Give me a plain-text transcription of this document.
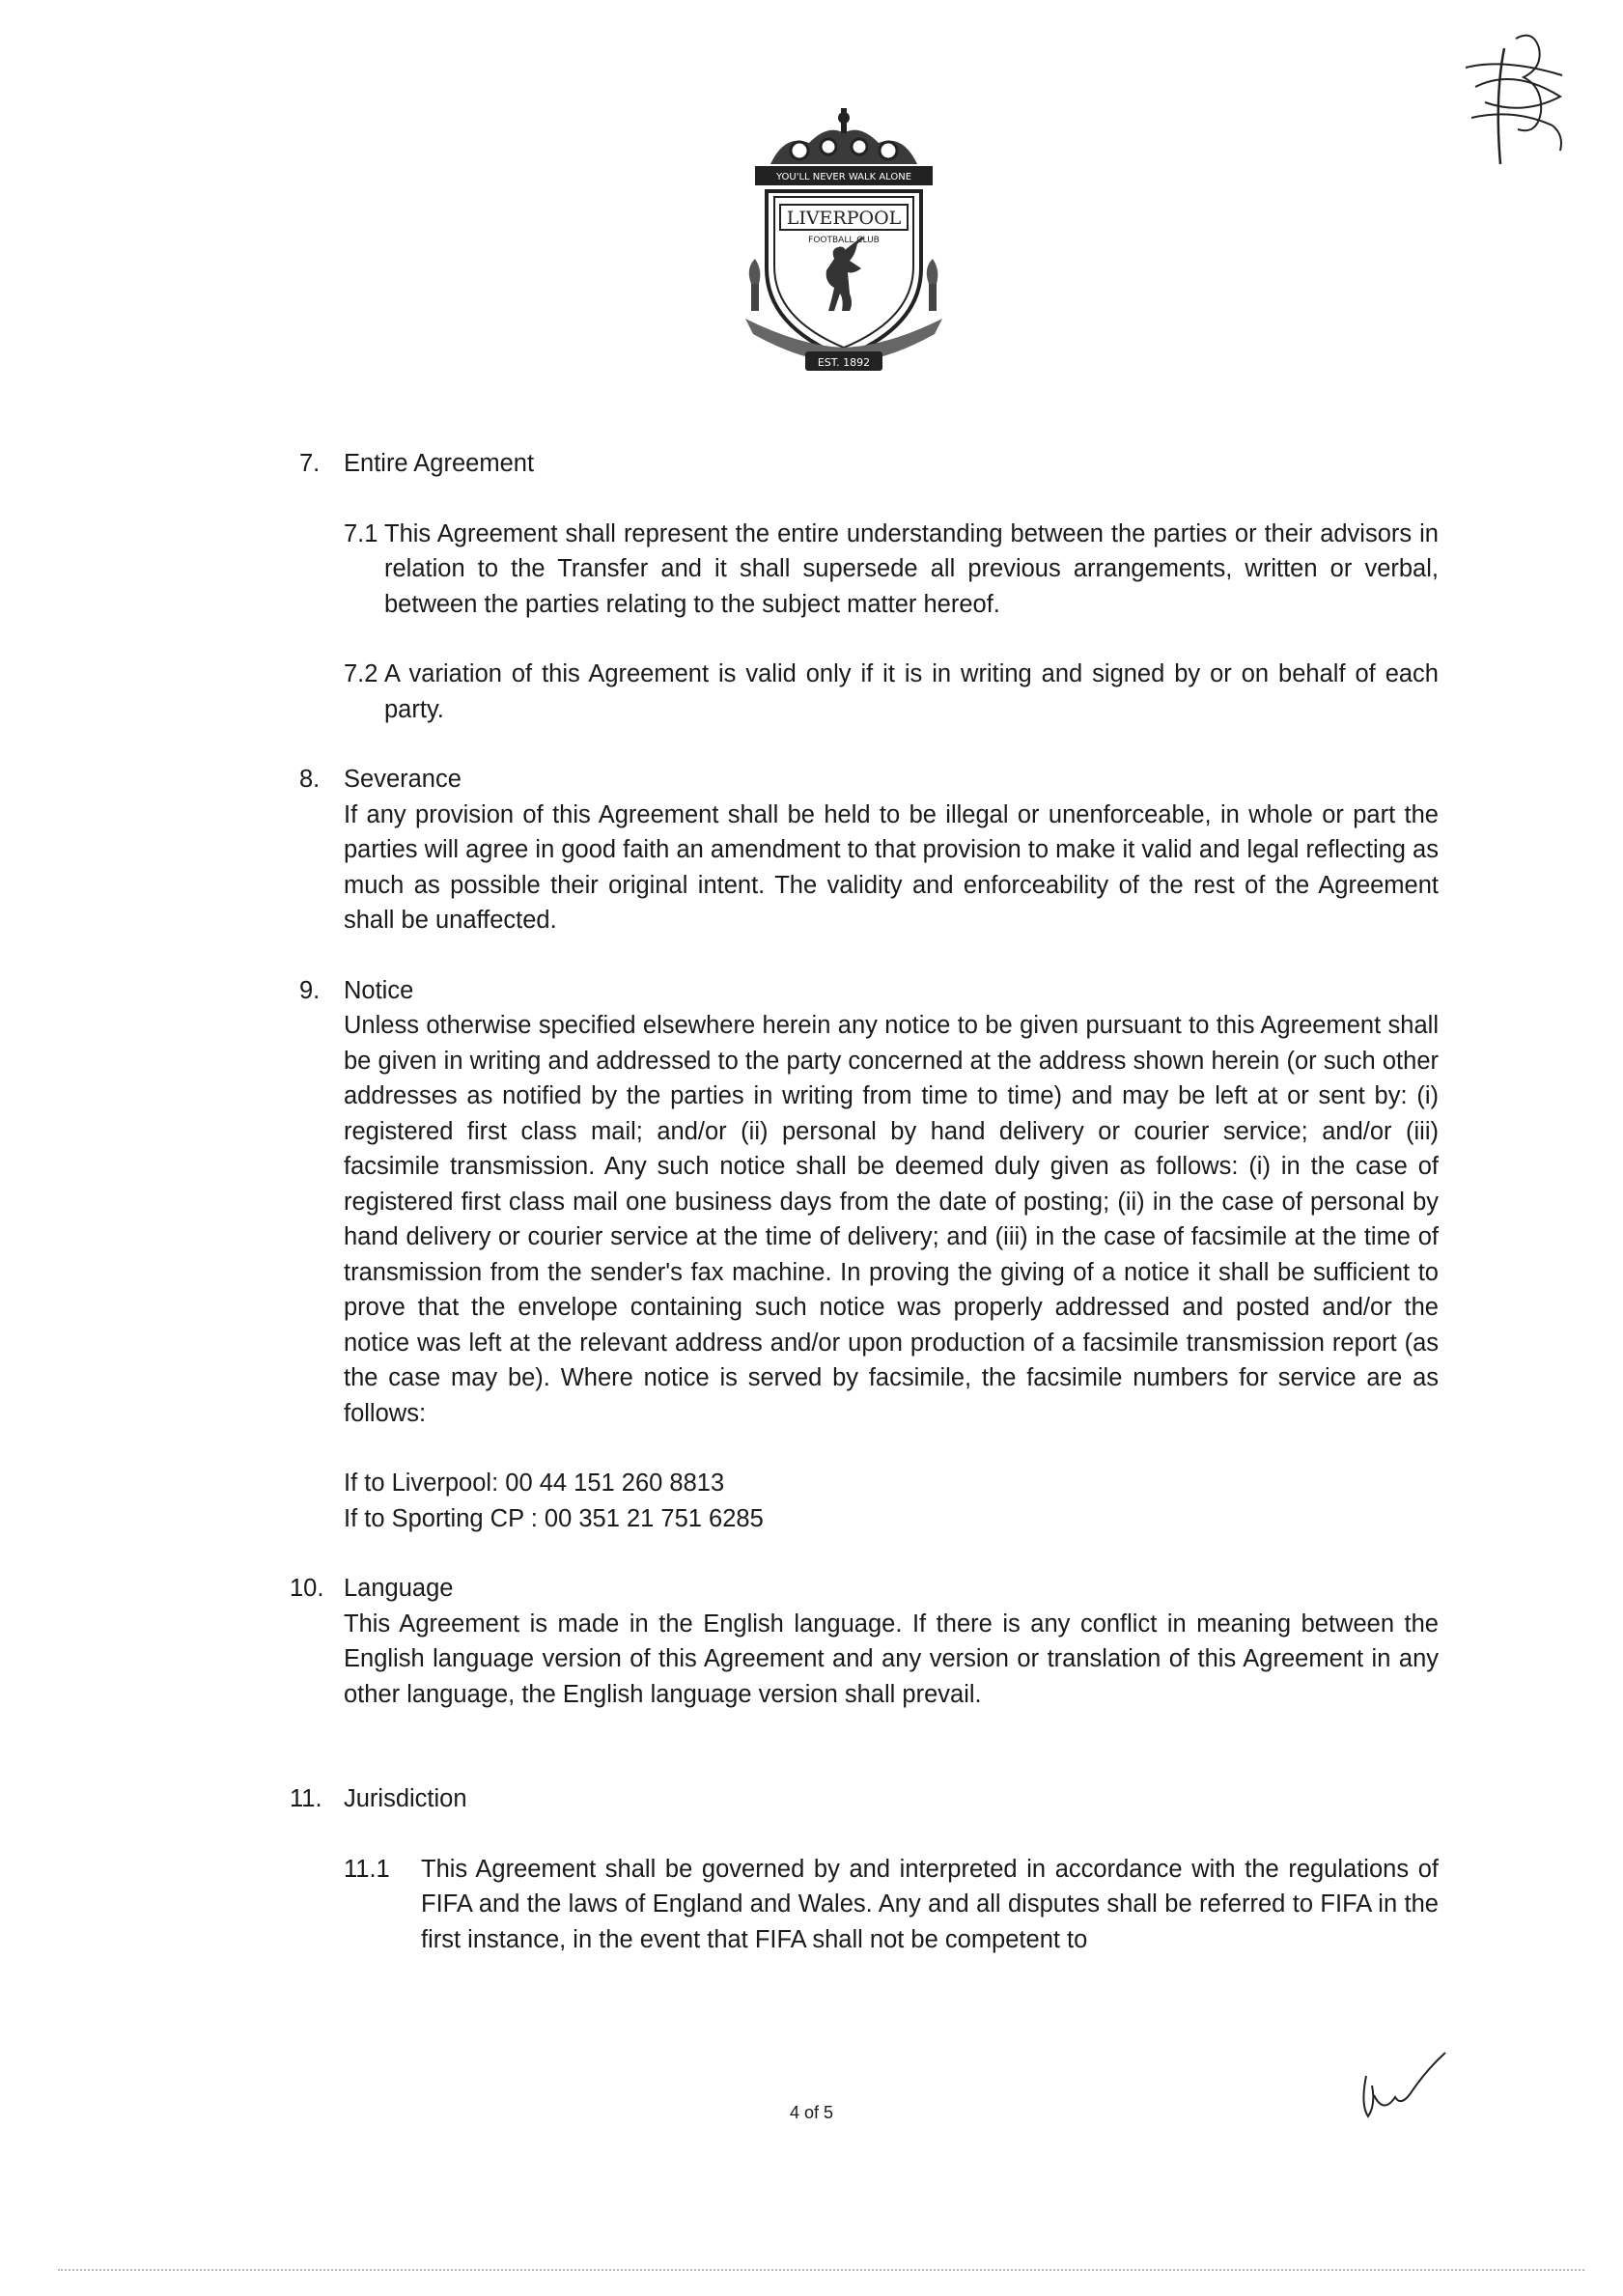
YOU'LL NEVER WALK ALONE
LIVERPOOL
FOOTBALL CLUB
EST. 1892

7. Entire Agreement

7.1 This Agreement shall represent the entire understanding between the parties or their advisors in relation to the Transfer and it shall supersede all previous arrangements, written or verbal, between the parties relating to the subject matter hereof.

7.2 A variation of this Agreement is valid only if it is in writing and signed by or on behalf of each party.

8. Severance

If any provision of this Agreement shall be held to be illegal or unenforceable, in whole or part the parties will agree in good faith an amendment to that provision to make it valid and legal reflecting as much as possible their original intent. The validity and enforceability of the rest of the Agreement shall be unaffected.

9. Notice

Unless otherwise specified elsewhere herein any notice to be given pursuant to this Agreement shall be given in writing and addressed to the party concerned at the address shown herein (or such other addresses as notified by the parties in writing from time to time) and may be left at or sent by: (i) registered first class mail; and/or (ii) personal by hand delivery or courier service; and/or (iii) facsimile transmission. Any such notice shall be deemed duly given as follows: (i) in the case of registered first class mail one business days from the date of posting; (ii) in the case of personal by hand delivery or courier service at the time of delivery; and (iii) in the case of facsimile at the time of transmission from the sender's fax machine. In proving the giving of a notice it shall be sufficient to prove that the envelope containing such notice was properly addressed and posted and/or the notice was left at the relevant address and/or upon production of a facsimile transmission report (as the case may be). Where notice is served by facsimile, the facsimile numbers for service are as follows:

If to Liverpool: 00 44 151 260 8813

If to Sporting CP : 00 351 21 751 6285

10. Language

This Agreement is made in the English language. If there is any conflict in meaning between the English language version of this Agreement and any version or translation of this Agreement in any other language, the English language version shall prevail.

11. Jurisdiction

11.1 This Agreement shall be governed by and interpreted in accordance with the regulations of FIFA and the laws of England and Wales. Any and all disputes shall be referred to FIFA in the first instance, in the event that FIFA shall not be competent to

4 of 5
